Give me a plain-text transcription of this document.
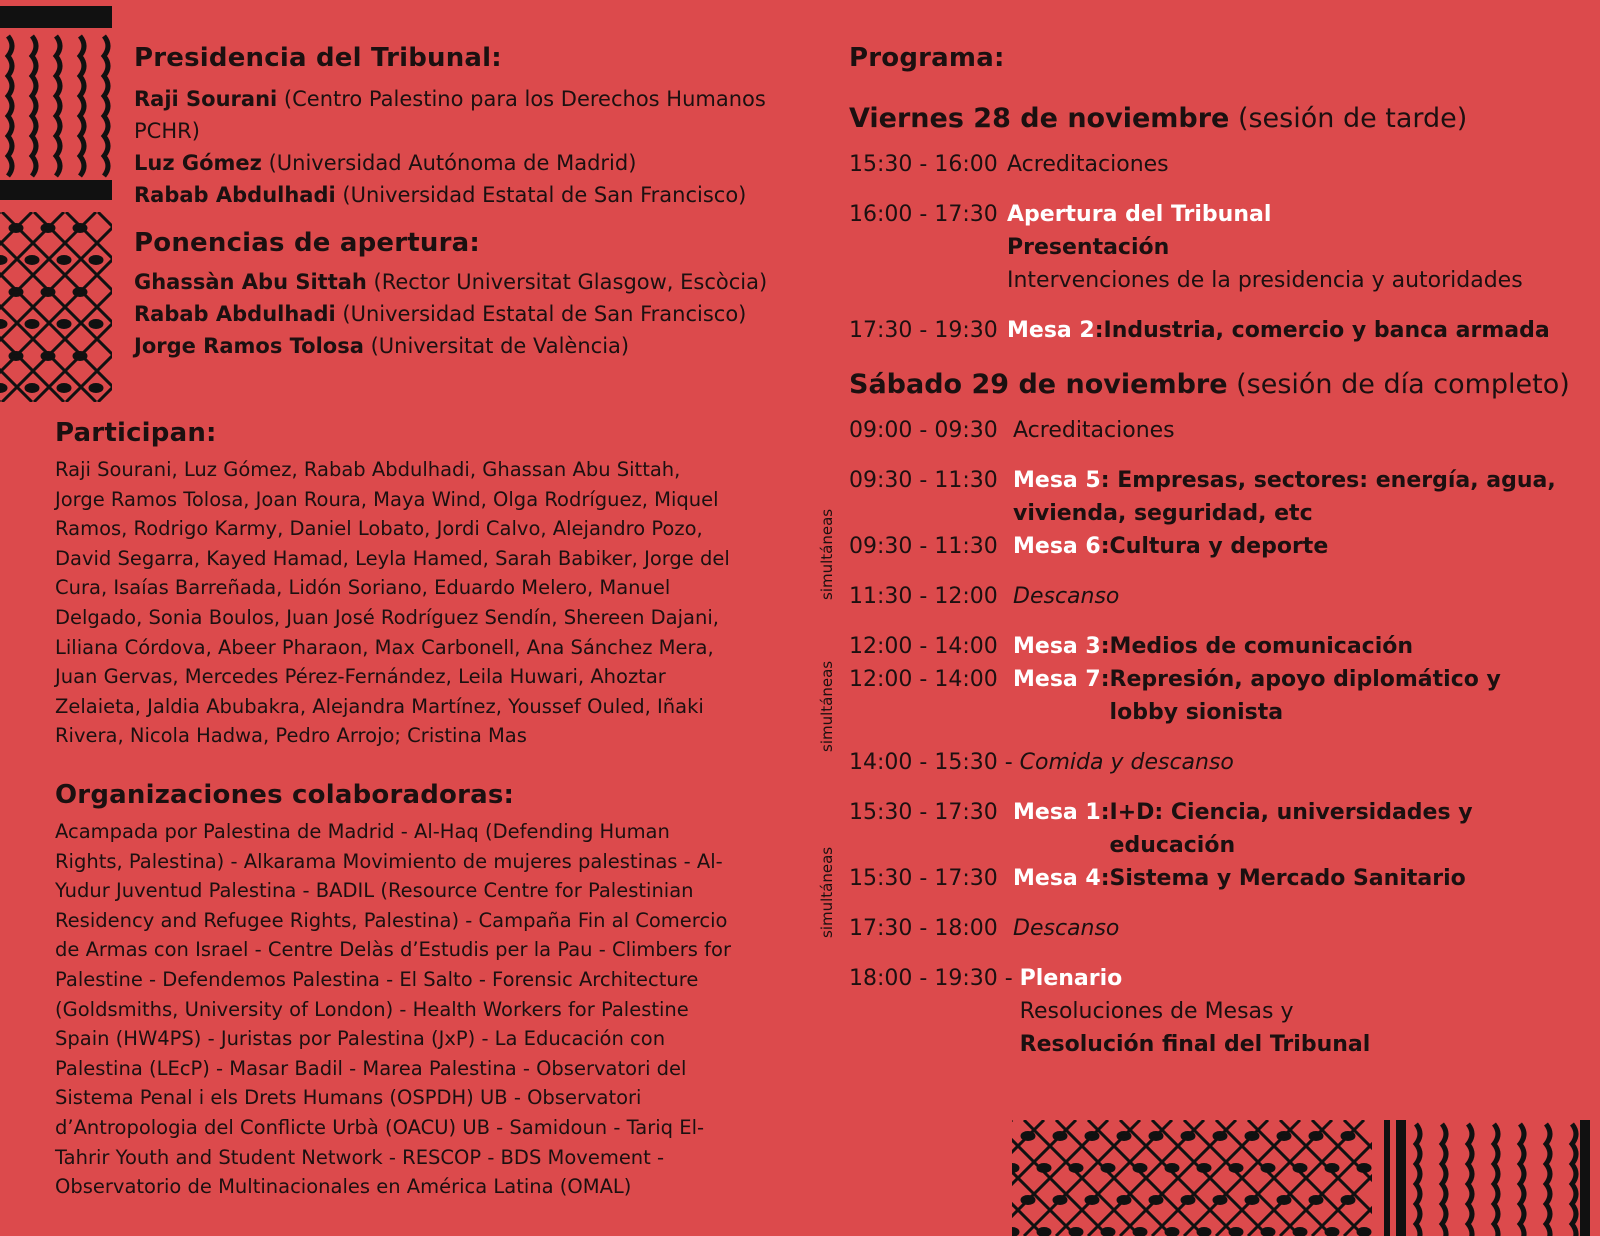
Presidencia del Tribunal:

Raji Sourani (Centro Palestino para los Derechos Humanos

PCHR)

Luz Gómez (Universidad Autónoma de Madrid)

Rabab Abdulhadi (Universidad Estatal de San Francisco)

Ponencias de apertura:

Ghassàn Abu Sittah (Rector Universitat Glasgow, Escòcia)

Rabab Abdulhadi (Universidad Estatal de San Francisco)

Jorge Ramos Tolosa (Universitat de València)

Participan:

Raji Sourani, Luz Gómez, Rabab Abdulhadi, Ghassan Abu Sittah,
Jorge Ramos Tolosa, Joan Roura, Maya Wind, Olga Rodríguez, Miquel
Ramos, Rodrigo Karmy, Daniel Lobato, Jordi Calvo, Alejandro Pozo,
David Segarra, Kayed Hamad, Leyla Hamed, Sarah Babiker, Jorge del
Cura, Isaías Barreñada, Lidón Soriano, Eduardo Melero, Manuel
Delgado, Sonia Boulos, Juan José Rodríguez Sendín, Shereen Dajani,
Liliana Córdova, Abeer Pharaon, Max Carbonell, Ana Sánchez Mera,
Juan Gervas, Mercedes Pérez-Fernández, Leila Huwari, Ahoztar
Zelaieta, Jaldia Abubakra, Alejandra Martínez, Youssef Ouled, Iñaki
Rivera, Nicola Hadwa, Pedro Arrojo; Cristina Mas

Organizaciones colaboradoras:

Acampada por Palestina de Madrid - Al-Haq (Defending Human
Rights, Palestina) - Alkarama Movimiento de mujeres palestinas - Al-
Yudur Juventud Palestina - BADIL (Resource Centre for Palestinian
Residency and Refugee Rights, Palestina) - Campaña Fin al Comercio
de Armas con Israel - Centre Delàs d’Estudis per la Pau - Climbers for
Palestine - Defendemos Palestina - El Salto - Forensic Architecture
(Goldsmiths, University of London) - Health Workers for Palestine
Spain (HW4PS) - Juristas por Palestina (JxP) - La Educación con
Palestina (LEcP) - Masar Badil - Marea Palestina - Observatori del
Sistema Penal i els Drets Humans (OSPDH) UB - Observatori
d’Antropologia del Conflicte Urbà (OACU) UB - Samidoun - Tariq El-
Tahrir Youth and Student Network - RESCOP - BDS Movement -
Observatorio de Multinacionales en América Latina (OMAL)

Programa:

Viernes 28 de noviembre (sesión de tarde)

15:30 - 16:00 Acreditaciones
16:00 - 17:30 Apertura del Tribunal
Presentación
Intervenciones de la presidencia y autoridades
17:30 - 19:30 Mesa 2 : Industria, comercio y banca armada

Sábado 29 de noviembre (sesión de día completo)

09:00 - 09:30 Acreditaciones
09:30 - 11:30 Mesa 5: Empresas, sectores: energía, agua,
vivienda, seguridad, etc
09:30 - 11:30 Mesa 6 : Cultura y deporte
11:30 - 12:00 Descanso
12:00 - 14:00 Mesa 3 : Medios de comunicación
12:00 - 14:00 Mesa 7 : Represión, apoyo diplomático y
lobby sionista
14:00 - 15:30 -
Comida y descanso
15:30 - 17:30 Mesa 1 : I+D: Ciencia, universidades y
educación
15:30 - 17:30 Mesa 4 : Sistema y Mercado Sanitario
17:30 - 18:00 Descanso
18:00 - 19:30 -
Plenario
Resoluciones de Mesas y
Resolución final del Tribunal
simultáneas
simultáneas
simultáneas
